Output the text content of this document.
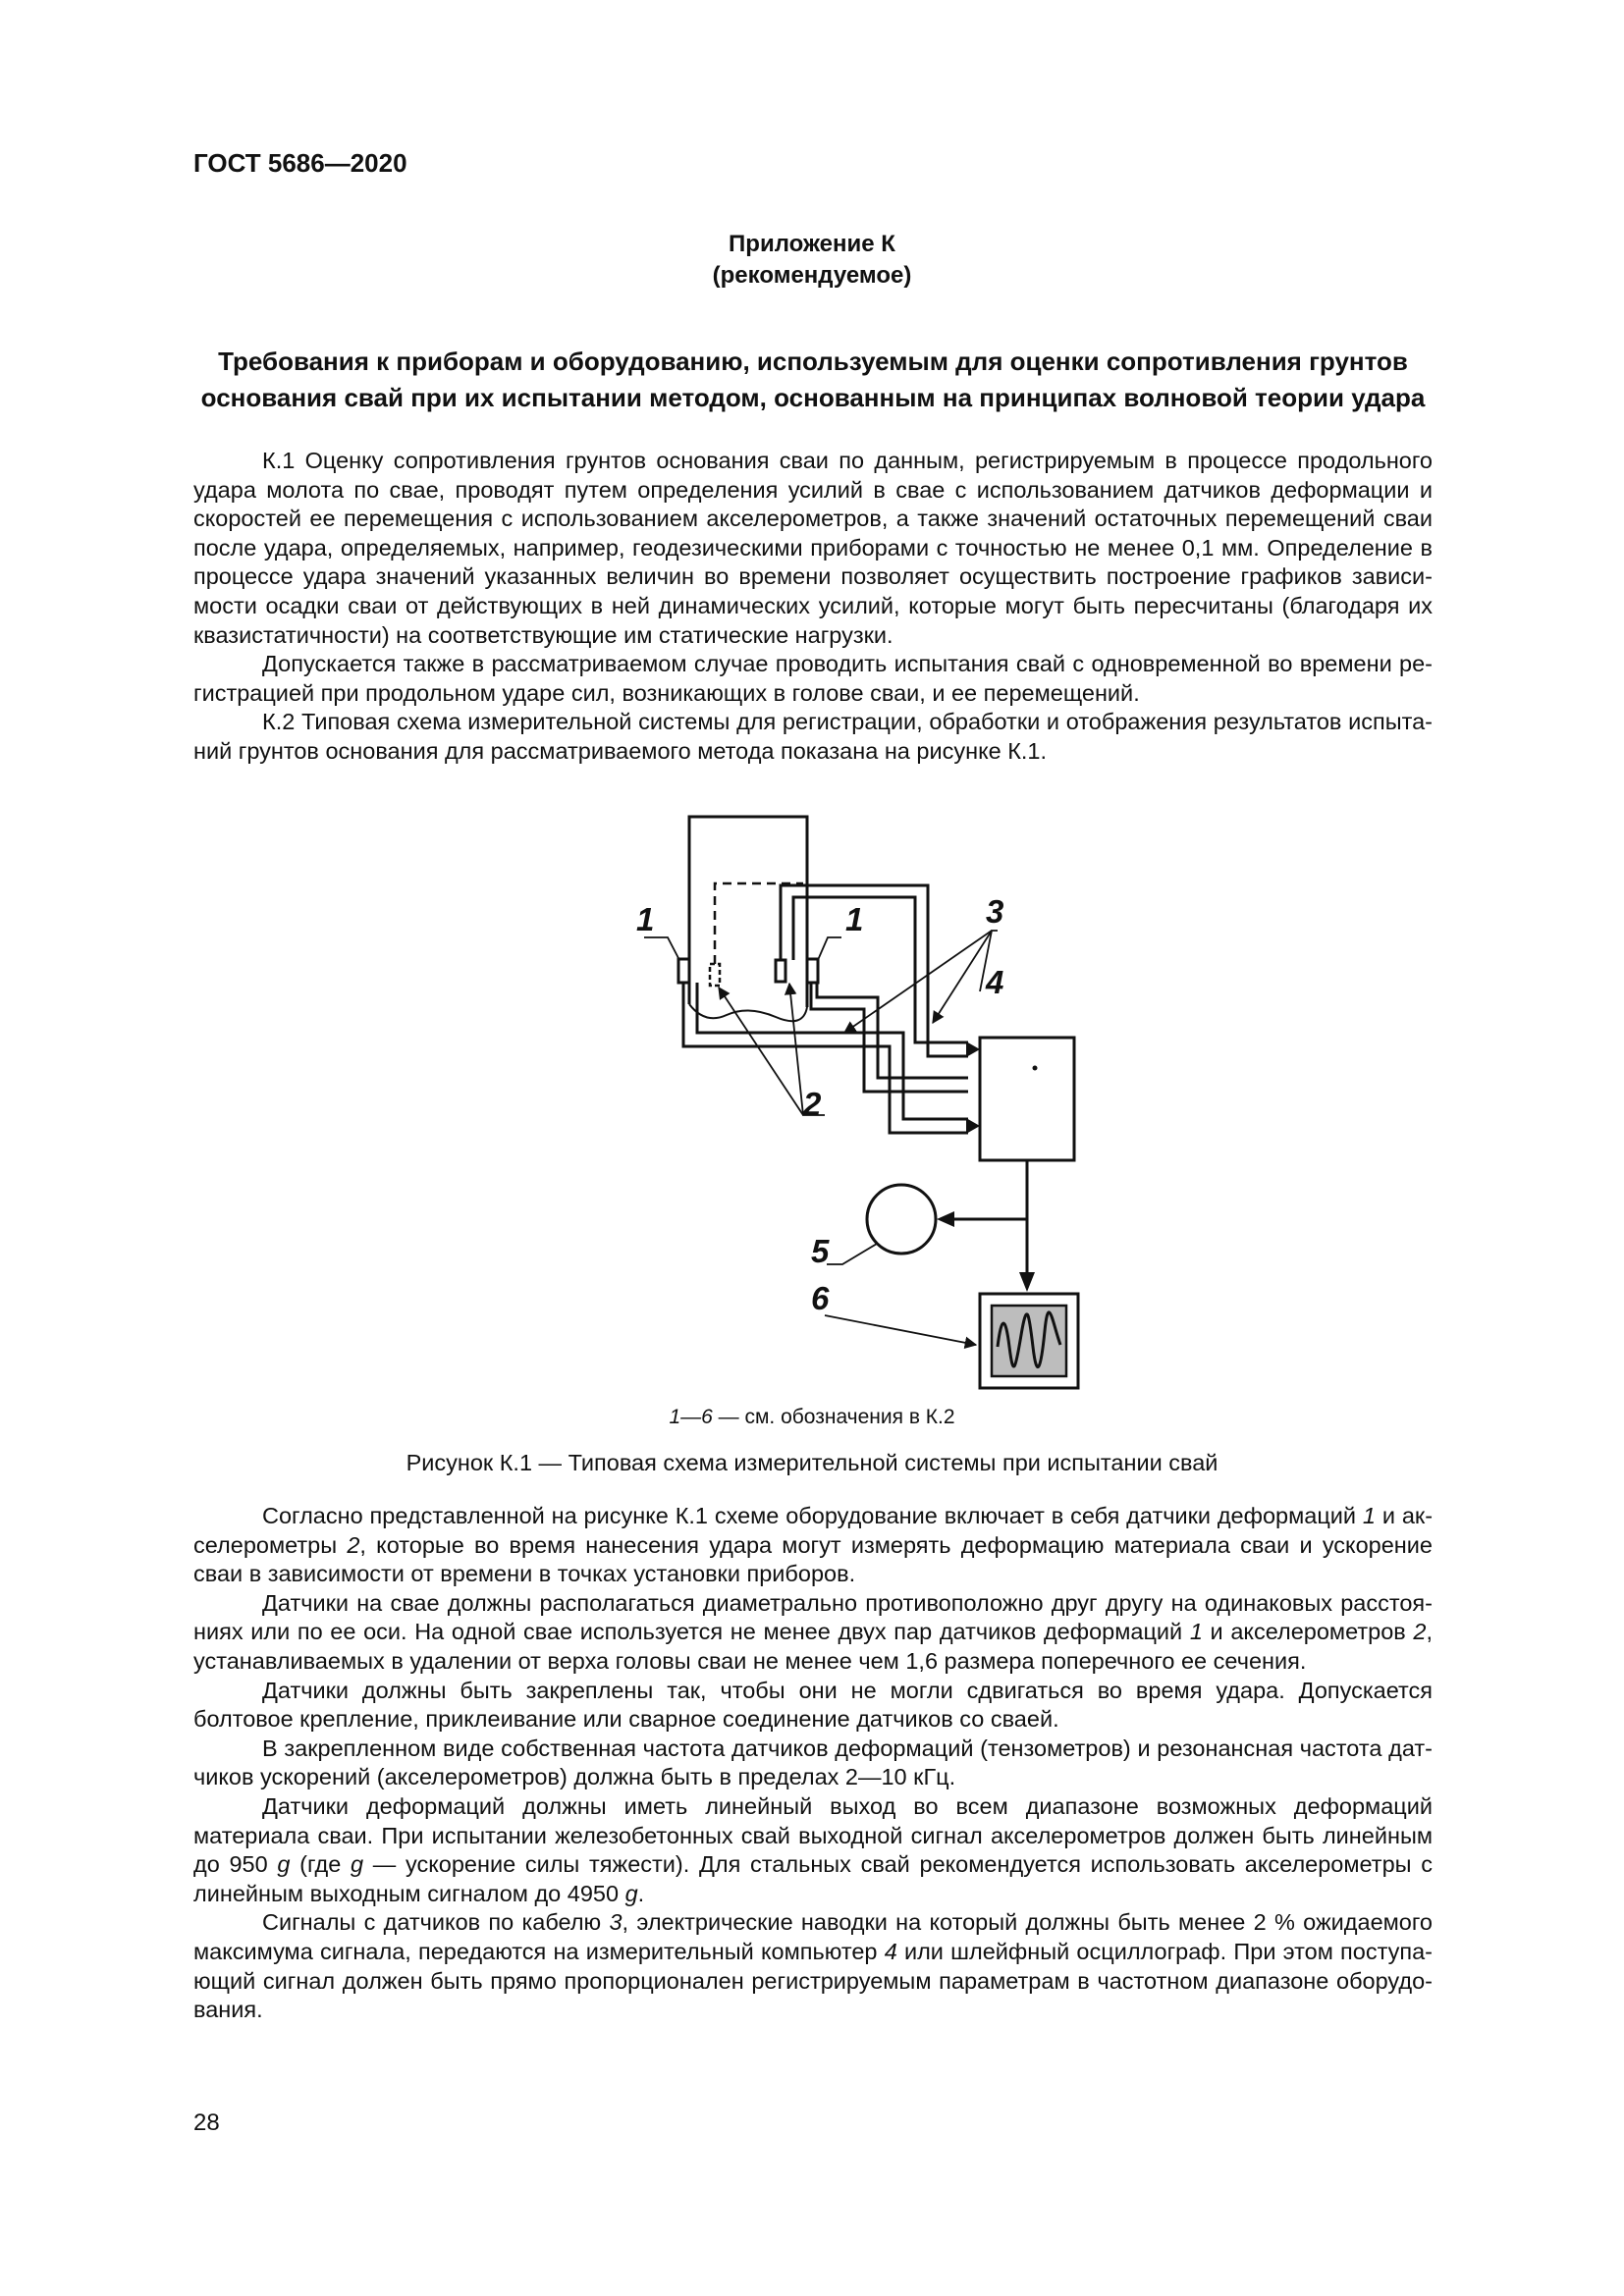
ГОСТ 5686—2020
Приложение К
(рекомендуемое)
Требования к приборам и оборудованию, используемым для оценки сопротивления грунтов основания свай при их испытании методом, основанным на принципах волновой теории удара

К.1 Оценку сопротивления грунтов основания сваи по данным, регистрируемым в процессе продольного удара молота по свае, проводят путем определения усилий в свае с использованием датчиков деформации и скоростей ее перемещения с использованием акселерометров, а также значений остаточных перемещений сваи после удара, определяемых, например, геодезическими приборами с точностью не менее 0,1 мм. Определение в процессе удара значений указанных величин во времени позволяет осуществить построение графиков зависимости осадки сваи от действующих в ней динамических усилий, которые могут быть пересчитаны (благодаря их квазистатичности) на соответствующие им статические нагрузки.

Допускается также в рассматриваемом случае проводить испытания свай с одновременной во времени регистрацией при продольном ударе сил, возникающих в голове сваи, и ее перемещений.

К.2 Типовая схема измерительной системы для регистрации, обработки и отображения результатов испытаний грунтов основания для рассматриваемого метода показана на рисунке К.1.

1	1	3
4
2
5
6
1—6 — см. обозначения в К.2
Рисунок К.1 — Типовая схема измерительной системы при испытании свай

Согласно представленной на рисунке К.1 схеме оборудование включает в себя датчики деформаций 1 и акселерометры 2, которые во время нанесения удара могут измерять деформацию материала сваи и ускорение сваи в зависимости от времени в точках установки приборов.

Датчики на свае должны располагаться диаметрально противоположно друг другу на одинаковых расстояниях или по ее оси. На одной свае используется не менее двух пар датчиков деформаций 1 и акселерометров 2, устанавливаемых в удалении от верха головы сваи не менее чем 1,6 размера поперечного ее сечения.

Датчики должны быть закреплены так, чтобы они не могли сдвигаться во время удара. Допускается болтовое крепление, приклеивание или сварное соединение датчиков со сваей.

В закрепленном виде собственная частота датчиков деформаций (тензометров) и резонансная частота датчиков ускорений (акселерометров) должна быть в пределах 2—10 кГц.

Датчики деформаций должны иметь линейный выход во всем диапазоне возможных деформаций материала сваи. При испытании железобетонных свай выходной сигнал акселерометров должен быть линейным до 950 g (где g — ускорение силы тяжести). Для стальных свай рекомендуется использовать акселерометры с линейным выходным сигналом до 4950 g.

Сигналы с датчиков по кабелю 3, электрические наводки на который должны быть менее 2 % ожидаемого максимума сигнала, передаются на измерительный компьютер 4 или шлейфный осциллограф. При этом поступающий сигнал должен быть прямо пропорционален регистрируемым параметрам в частотном диапазоне оборудования.

28
